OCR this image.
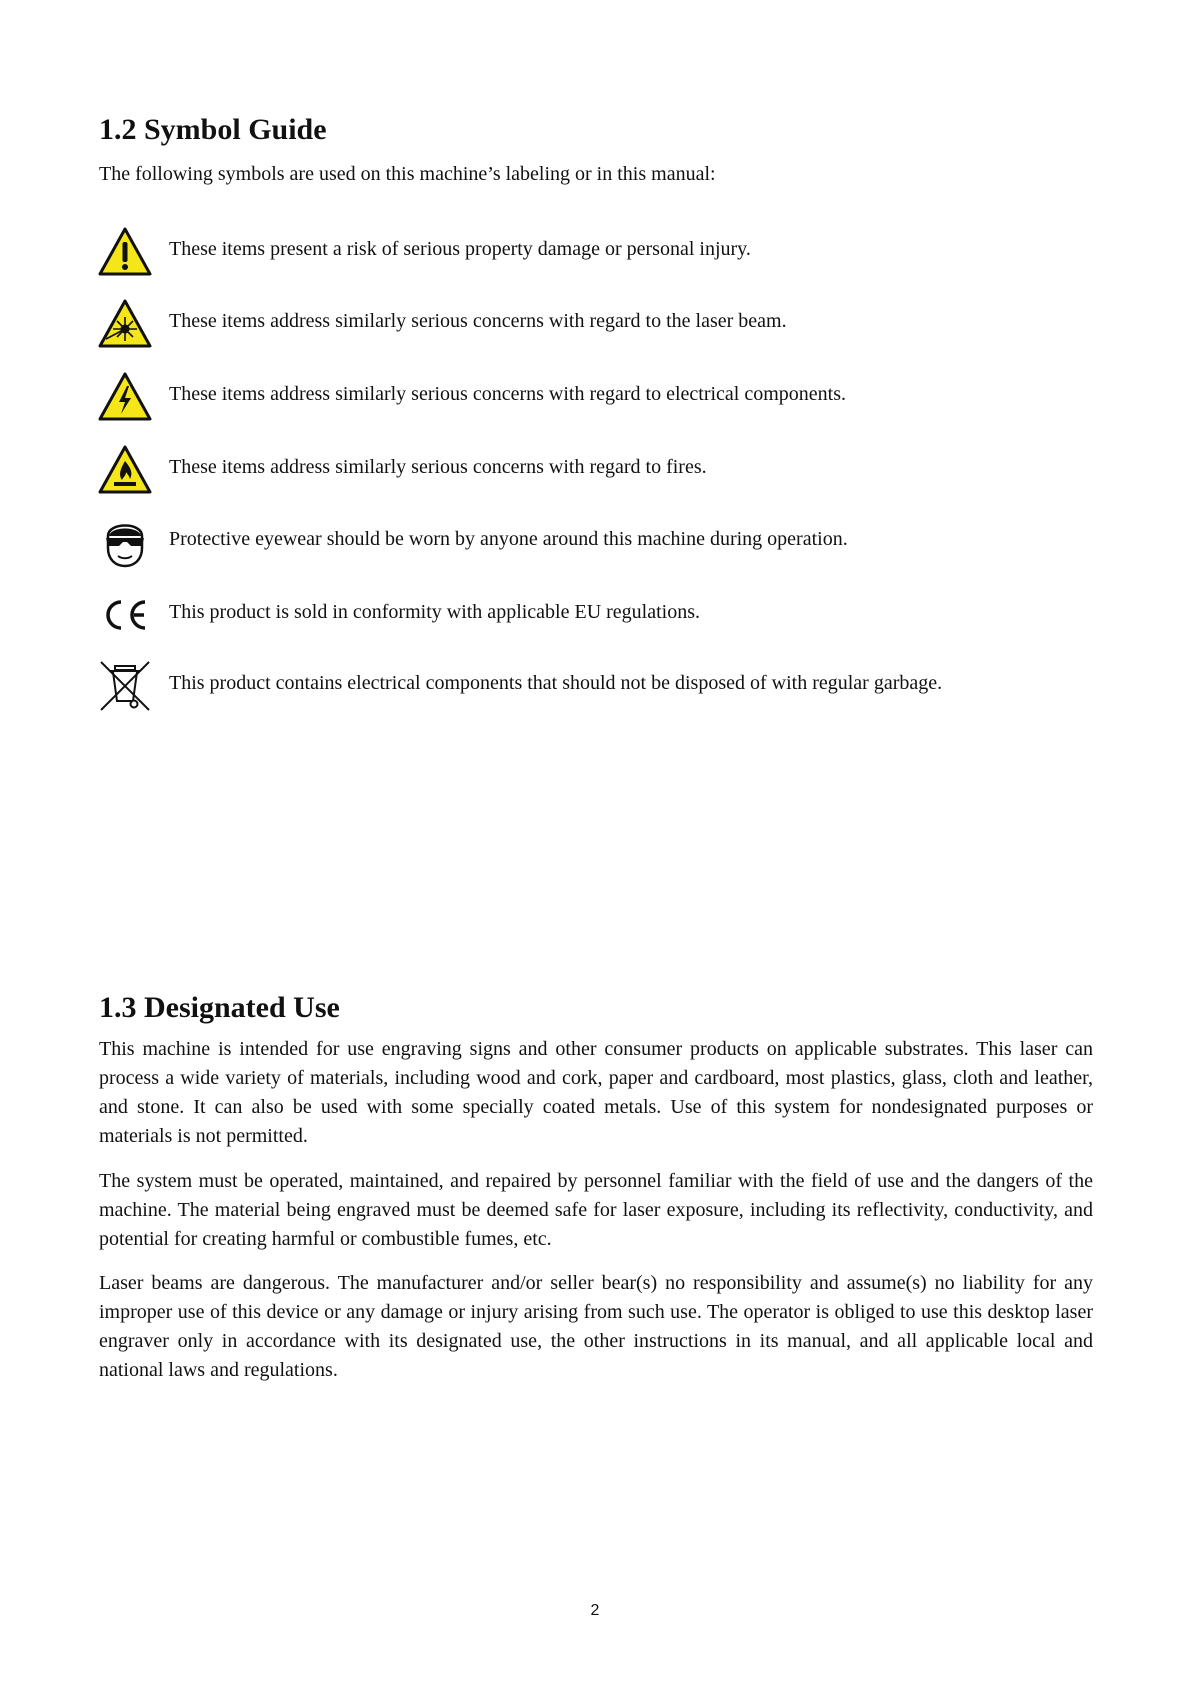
1.2 Symbol Guide

The following symbols are used on this machine’s labeling or in this manual:

These items present a risk of serious property damage or personal injury.
These items address similarly serious concerns with regard to the laser beam.
These items address similarly serious concerns with regard to electrical components.
These items address similarly serious concerns with regard to fires.
Protective eyewear should be worn by anyone around this machine during operation.
This product is sold in conformity with applicable EU regulations.
This product contains electrical components that should not be disposed of with regular garbage.
1.3 Designated Use

This machine is intended for use engraving signs and other consumer products on applicable substrates. This laser can process a wide variety of materials, including wood and cork, paper and cardboard, most plastics, glass, cloth and leather, and stone. It can also be used with some specially coated metals. Use of this system for nondesignated purposes or materials is not permitted.

The system must be operated, maintained, and repaired by personnel familiar with the field of use and the dangers of the machine. The material being engraved must be deemed safe for laser exposure, including its reflectivity, conductivity, and potential for creating harmful or combustible fumes, etc.

Laser beams are dangerous. The manufacturer and/or seller bear(s) no responsibility and assume(s) no liability for any improper use of this device or any damage or injury arising from such use. The operator is obliged to use this desktop laser engraver only in accordance with its designated use, the other instructions in its manual, and all applicable local and national laws and regulations.

2
